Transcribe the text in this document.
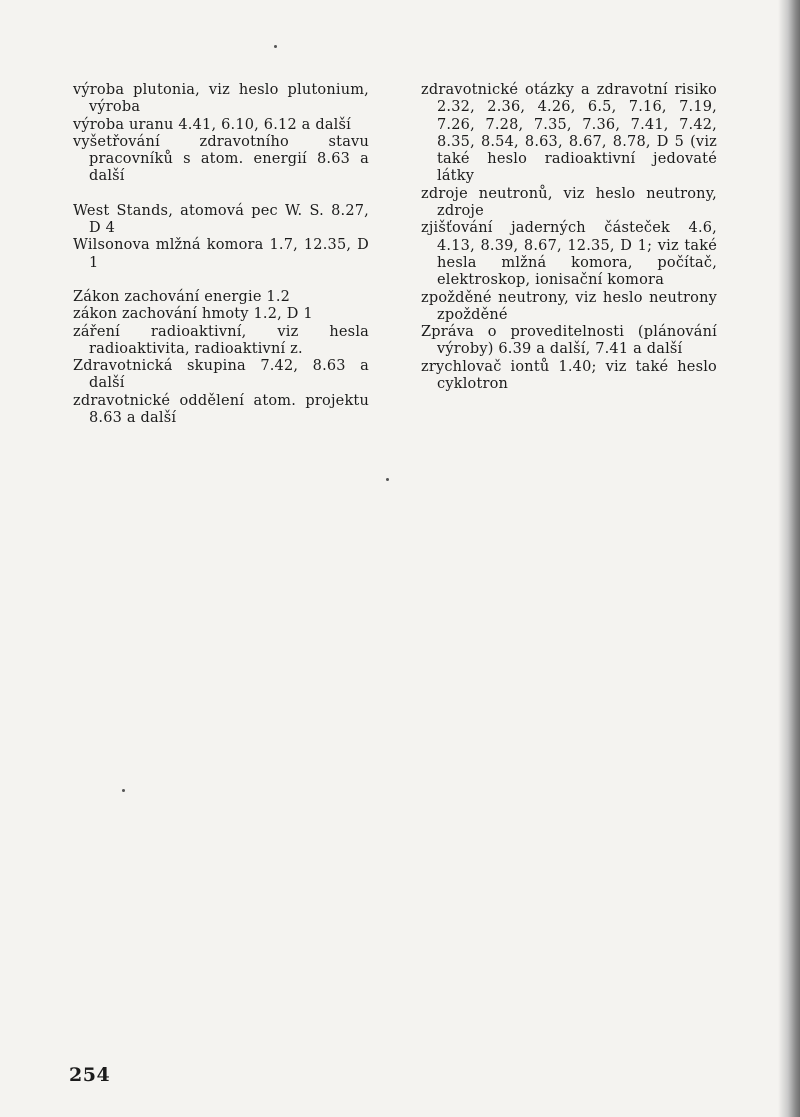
výroba plutonia, viz heslo plutonium, výroba

výroba uranu 4.41, 6.10, 6.12 a další

vyšetřování zdravotního stavu pracovníků s atom. energií 8.63 a další

West Stands, atomová pec W. S. 8.27, D 4

Wilsonova mlžná komora 1.7, 12.35, D 1

Zákon zachování energie 1.2

zákon zachování hmoty 1.2, D 1

záření radioaktivní, viz hesla radioaktivita, radioaktivní z.

Zdravotnická skupina 7.42, 8.63 a další

zdravotnické oddělení atom. projektu 8.63 a další

zdravotnické otázky a zdravotní risiko 2.32, 2.36, 4.26, 6.5, 7.16, 7.19, 7.26, 7.28, 7.35, 7.36, 7.41, 7.42, 8.35, 8.54, 8.63, 8.67, 8.78, D 5 (viz také heslo radioaktivní jedovaté látky

zdroje neutronů, viz heslo neutrony, zdroje

zjišťování jaderných částeček 4.6, 4.13, 8.39, 8.67, 12.35, D 1; viz také hesla mlžná komora, počítač, elektroskop, ionisační komora

zpožděné neutrony, viz heslo neutrony zpožděné

Zpráva o proveditelnosti (plánování výroby) 6.39 a další, 7.41 a další

zrychlovač iontů 1.40; viz také heslo cyklotron

254
